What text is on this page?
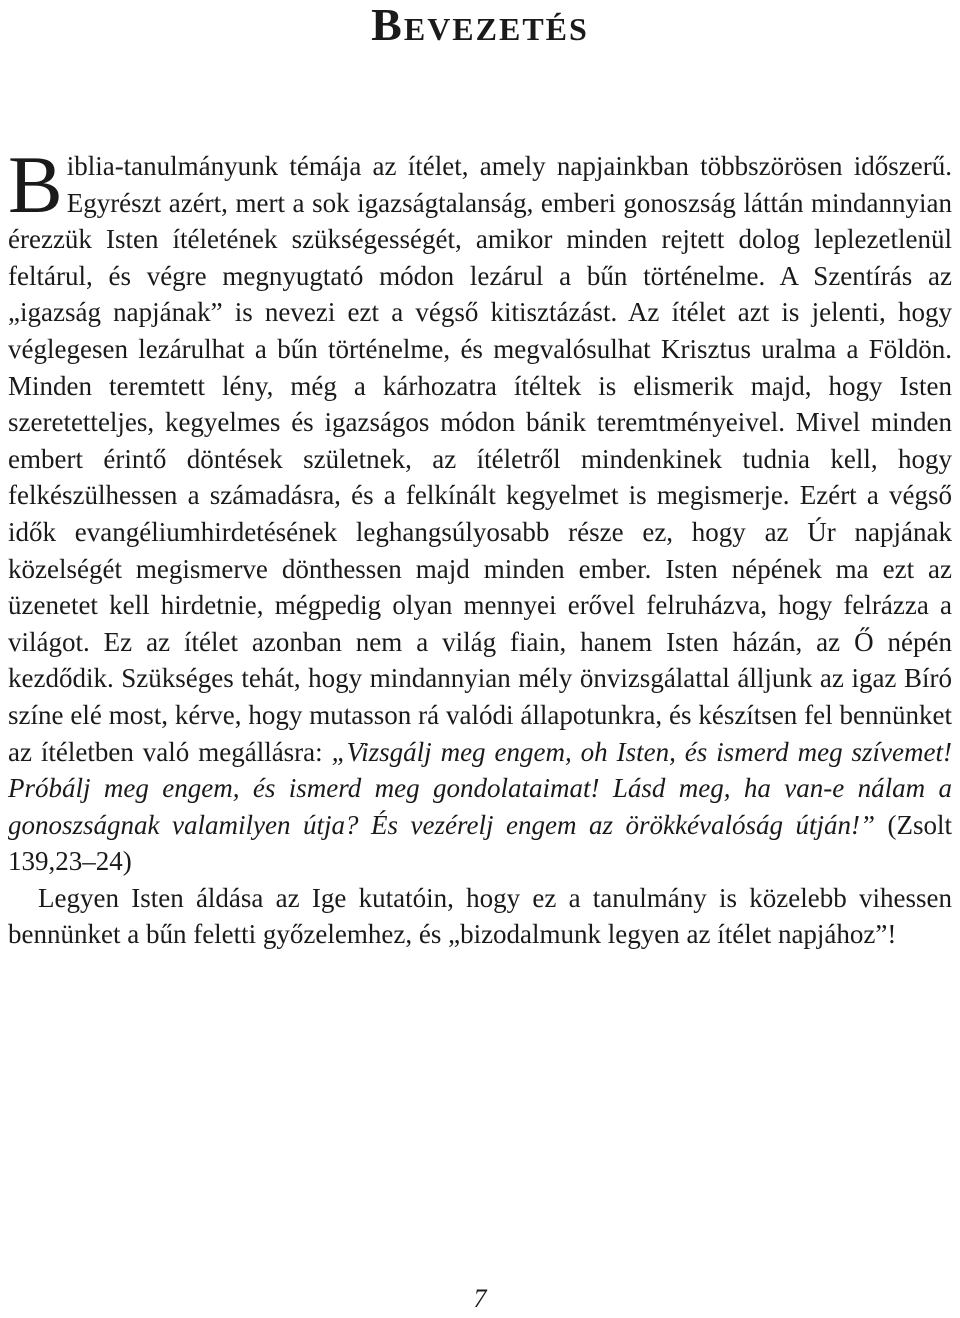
Bevezetés

Biblia-tanulmányunk témája az ítélet, amely napjainkban többszörösen időszerű. Egyrészt azért, mert a sok igazságtalanság, emberi gonoszság láttán mindannyian érezzük Isten ítéletének szükségességét, amikor minden rejtett dolog leplezetlenül feltárul, és végre megnyugtató módon lezárul a bűn történelme. A Szentírás az „igazság napjának” is nevezi ezt a végső kitisztázást. Az ítélet azt is jelenti, hogy véglegesen lezárulhat a bűn történelme, és megvalósulhat Krisztus uralma a Földön. Minden teremtett lény, még a kárhozatra ítéltek is elismerik majd, hogy Isten szeretetteljes, kegyelmes és igazságos módon bánik teremtményeivel. Mivel minden embert érintő döntések születnek, az ítéletről mindenkinek tudnia kell, hogy felkészülhessen a számadásra, és a felkínált kegyelmet is megismerje. Ezért a végső idők evangéliumhirdetésének leghangsúlyosabb része ez, hogy az Úr napjának közelségét megismerve dönthessen majd minden ember. Isten népének ma ezt az üzenetet kell hirdetnie, mégpedig olyan mennyei erővel felruházva, hogy felrázza a világot. Ez az ítélet azonban nem a világ fiain, hanem Isten házán, az Ő népén kezdődik. Szükséges tehát, hogy mindannyian mély önvizsgálattal álljunk az igaz Bíró színe elé most, kérve, hogy mutasson rá valódi állapotunkra, és készítsen fel bennünket az ítéletben való megállásra: „Vizsgálj meg engem, oh Isten, és ismerd meg szívemet! Próbálj meg engem, és ismerd meg gondolataimat! Lásd meg, ha van-e nálam a gonoszságnak valamilyen útja? És vezérelj engem az örökkévalóság útján!” (Zsolt 139,23–24)

Legyen Isten áldása az Ige kutatóin, hogy ez a tanulmány is közelebb vihessen bennünket a bűn feletti győzelemhez, és „bizodalmunk legyen az ítélet napjához”!

7
